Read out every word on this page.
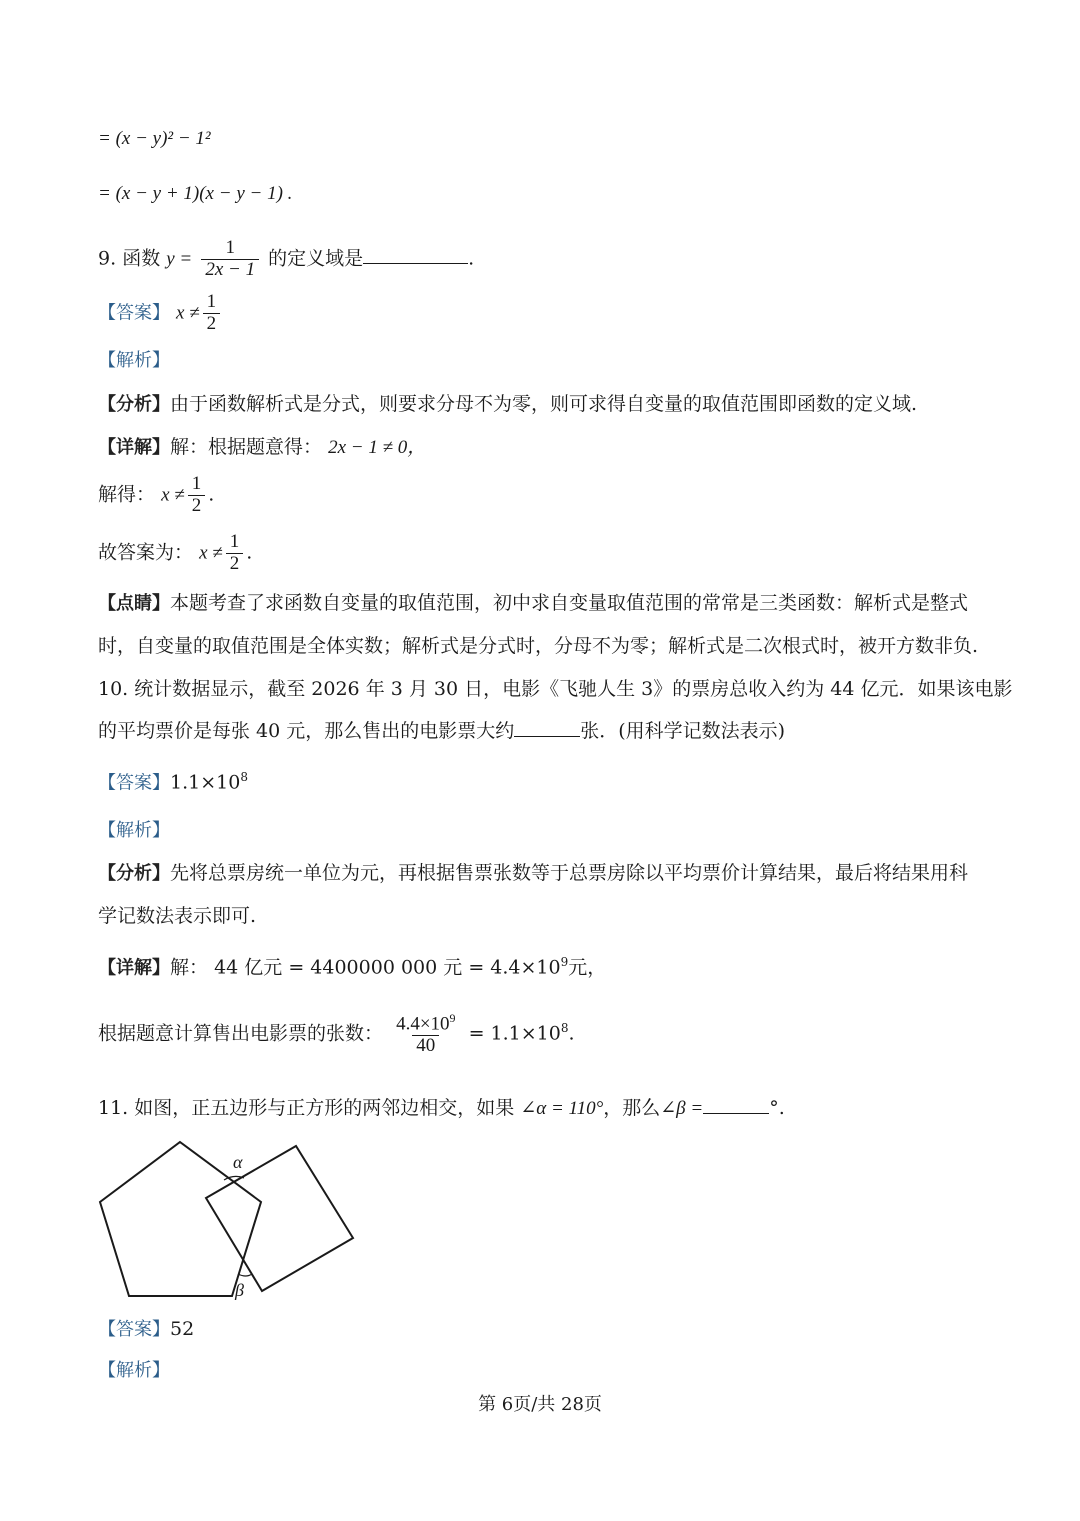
= (x − y)² − 1²
= (x − y + 1)(x − y − 1) .
9. 函数 $y = \frac{1}{2x - 1}$ 的定义域是	.
【答案】 $x \ne \frac{1}{2}$
【解析】
【分析】由于函数解析式是分式，则要求分母不为零，则可求得自变量的取值范围即函数的定义域.
【详解】解：根据题意得： 2x − 1 ≠ 0，
解得： $x \ne \frac{1}{2}$ .
故答案为： $x \ne \frac{1}{2}$ .
【点睛】本题考查了求函数自变量的取值范围，初中求自变量取值范围的常常是三类函数：解析式是整式
时，自变量的取值范围是全体实数；解析式是分式时，分母不为零；解析式是二次根式时，被开方数非负.
10. 统计数据显示，截至 2026 年 3 月 30 日，电影《飞驰人生 3》的票房总收入约为 44 亿元．如果该电影
的平均票价是每张 40 元，那么售出的电影票大约	张．(用科学记数法表示)
【答案】$1.1\times 10^8$
【解析】
【分析】先将总票房统一单位为元，再根据售票张数等于总票房除以平均票价计算结果，最后将结果用科
学记数法表示即可.
【详解】解： 44 亿元 = 4400000 000 元 = $4.4\times 10^9$元，
根据题意计算售出电影票的张数： $\frac{4.4\times 10^9}{40} = 1.1\times 10^8$.
11. 如图，正五边形与正方形的两邻边相交，如果 ∠α = 110°，那么∠β =	°.
α
β
【答案】52
【解析】
第 6页/共 28页
